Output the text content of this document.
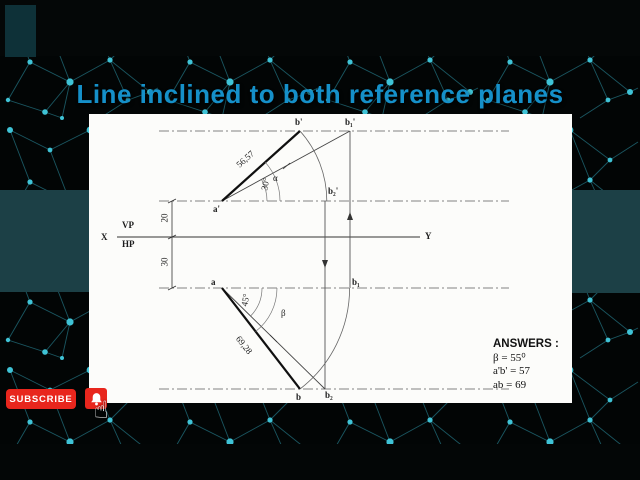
Line inclined to both reference planes
X	Y
VP
HP
a'
b'	b₁'
b₂'
a	b₁
b	b₂
20
30
56,57
69,28
30° α
45°
β
ANSWERS :
β = 55⁰
a'b' = 57
ab = 69
SUBSCRIBE ☝
